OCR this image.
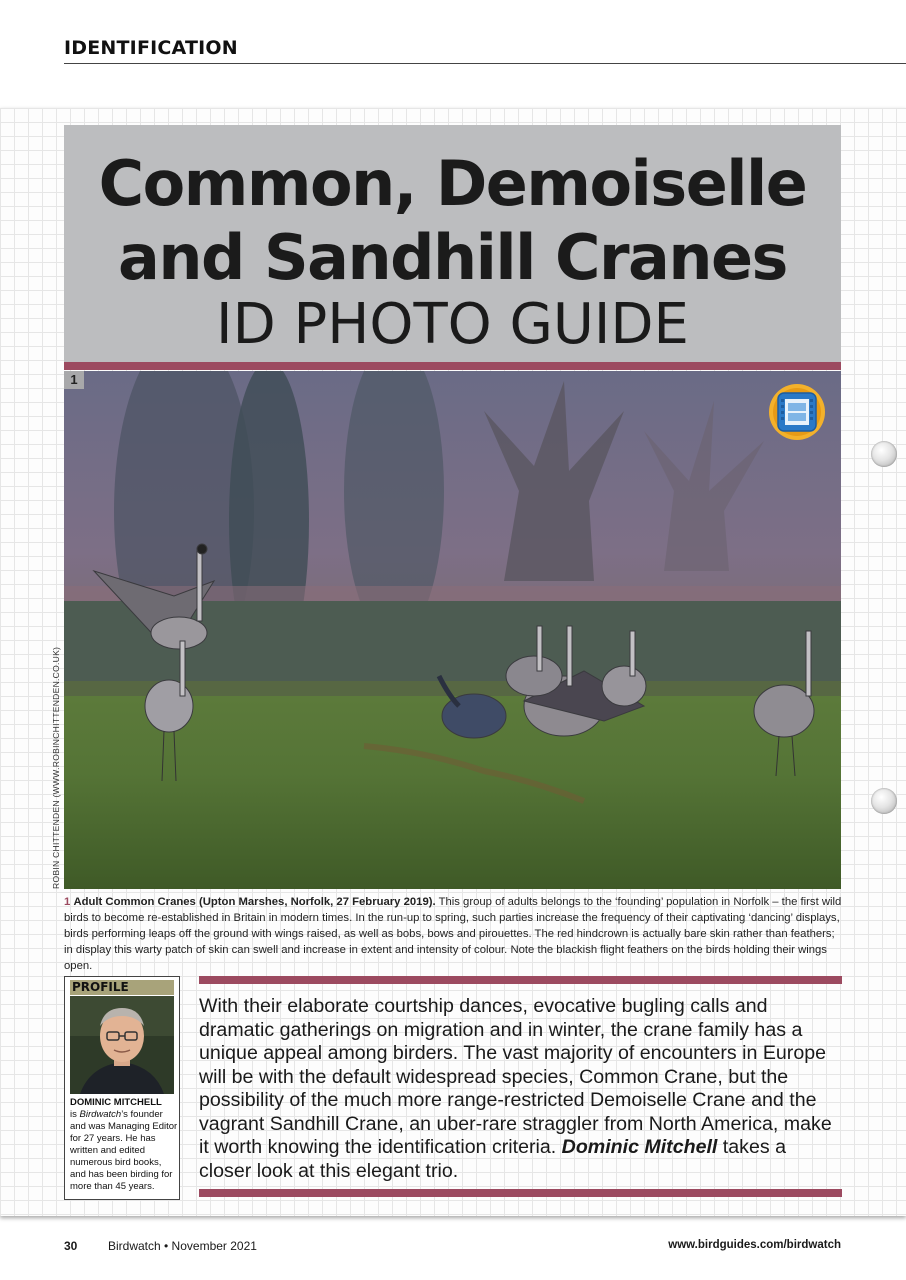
IDENTIFICATION
Common, Demoiselle
and Sandhill Cranes
ID PHOTO GUIDE
1
ROBIN CHITTENDEN (WWW.ROBINCHITTENDEN.CO.UK)

1 Adult Common Cranes (Upton Marshes, Norfolk, 27 February 2019). This group of adults belongs to the ‘founding’ population in Norfolk – the first wild birds to become re-established in Britain in modern times. In the run-up to spring, such parties increase the frequency of their captivating ‘dancing’ displays, birds performing leaps off the ground with wings raised, as well as bobs, bows and pirouettes. The red hindcrown is actually bare skin rather than feathers; in display this warty patch of skin can swell and increase in extent and intensity of colour. Note the blackish flight feathers on the birds holding their wings open.

PROFILE
DOMINIC MITCHELL

is Birdwatch’s founder and was Managing Editor for 27 years. He has written and edited numerous bird books, and has been birding for more than 45 years.

With their elaborate courtship dances, evocative bugling calls and dramatic gatherings on migration and in winter, the crane family has a unique appeal among birders. The vast majority of encounters in Europe will be with the default widespread species, Common Crane, but the possibility of the much more range-restricted Demoiselle Crane and the vagrant Sandhill Crane, an uber-rare straggler from North America, make it worth knowing the identification criteria. Dominic Mitchell takes a closer look at this elegant trio.

30	Birdwatch • November 2021	www.birdguides.com/birdwatch
